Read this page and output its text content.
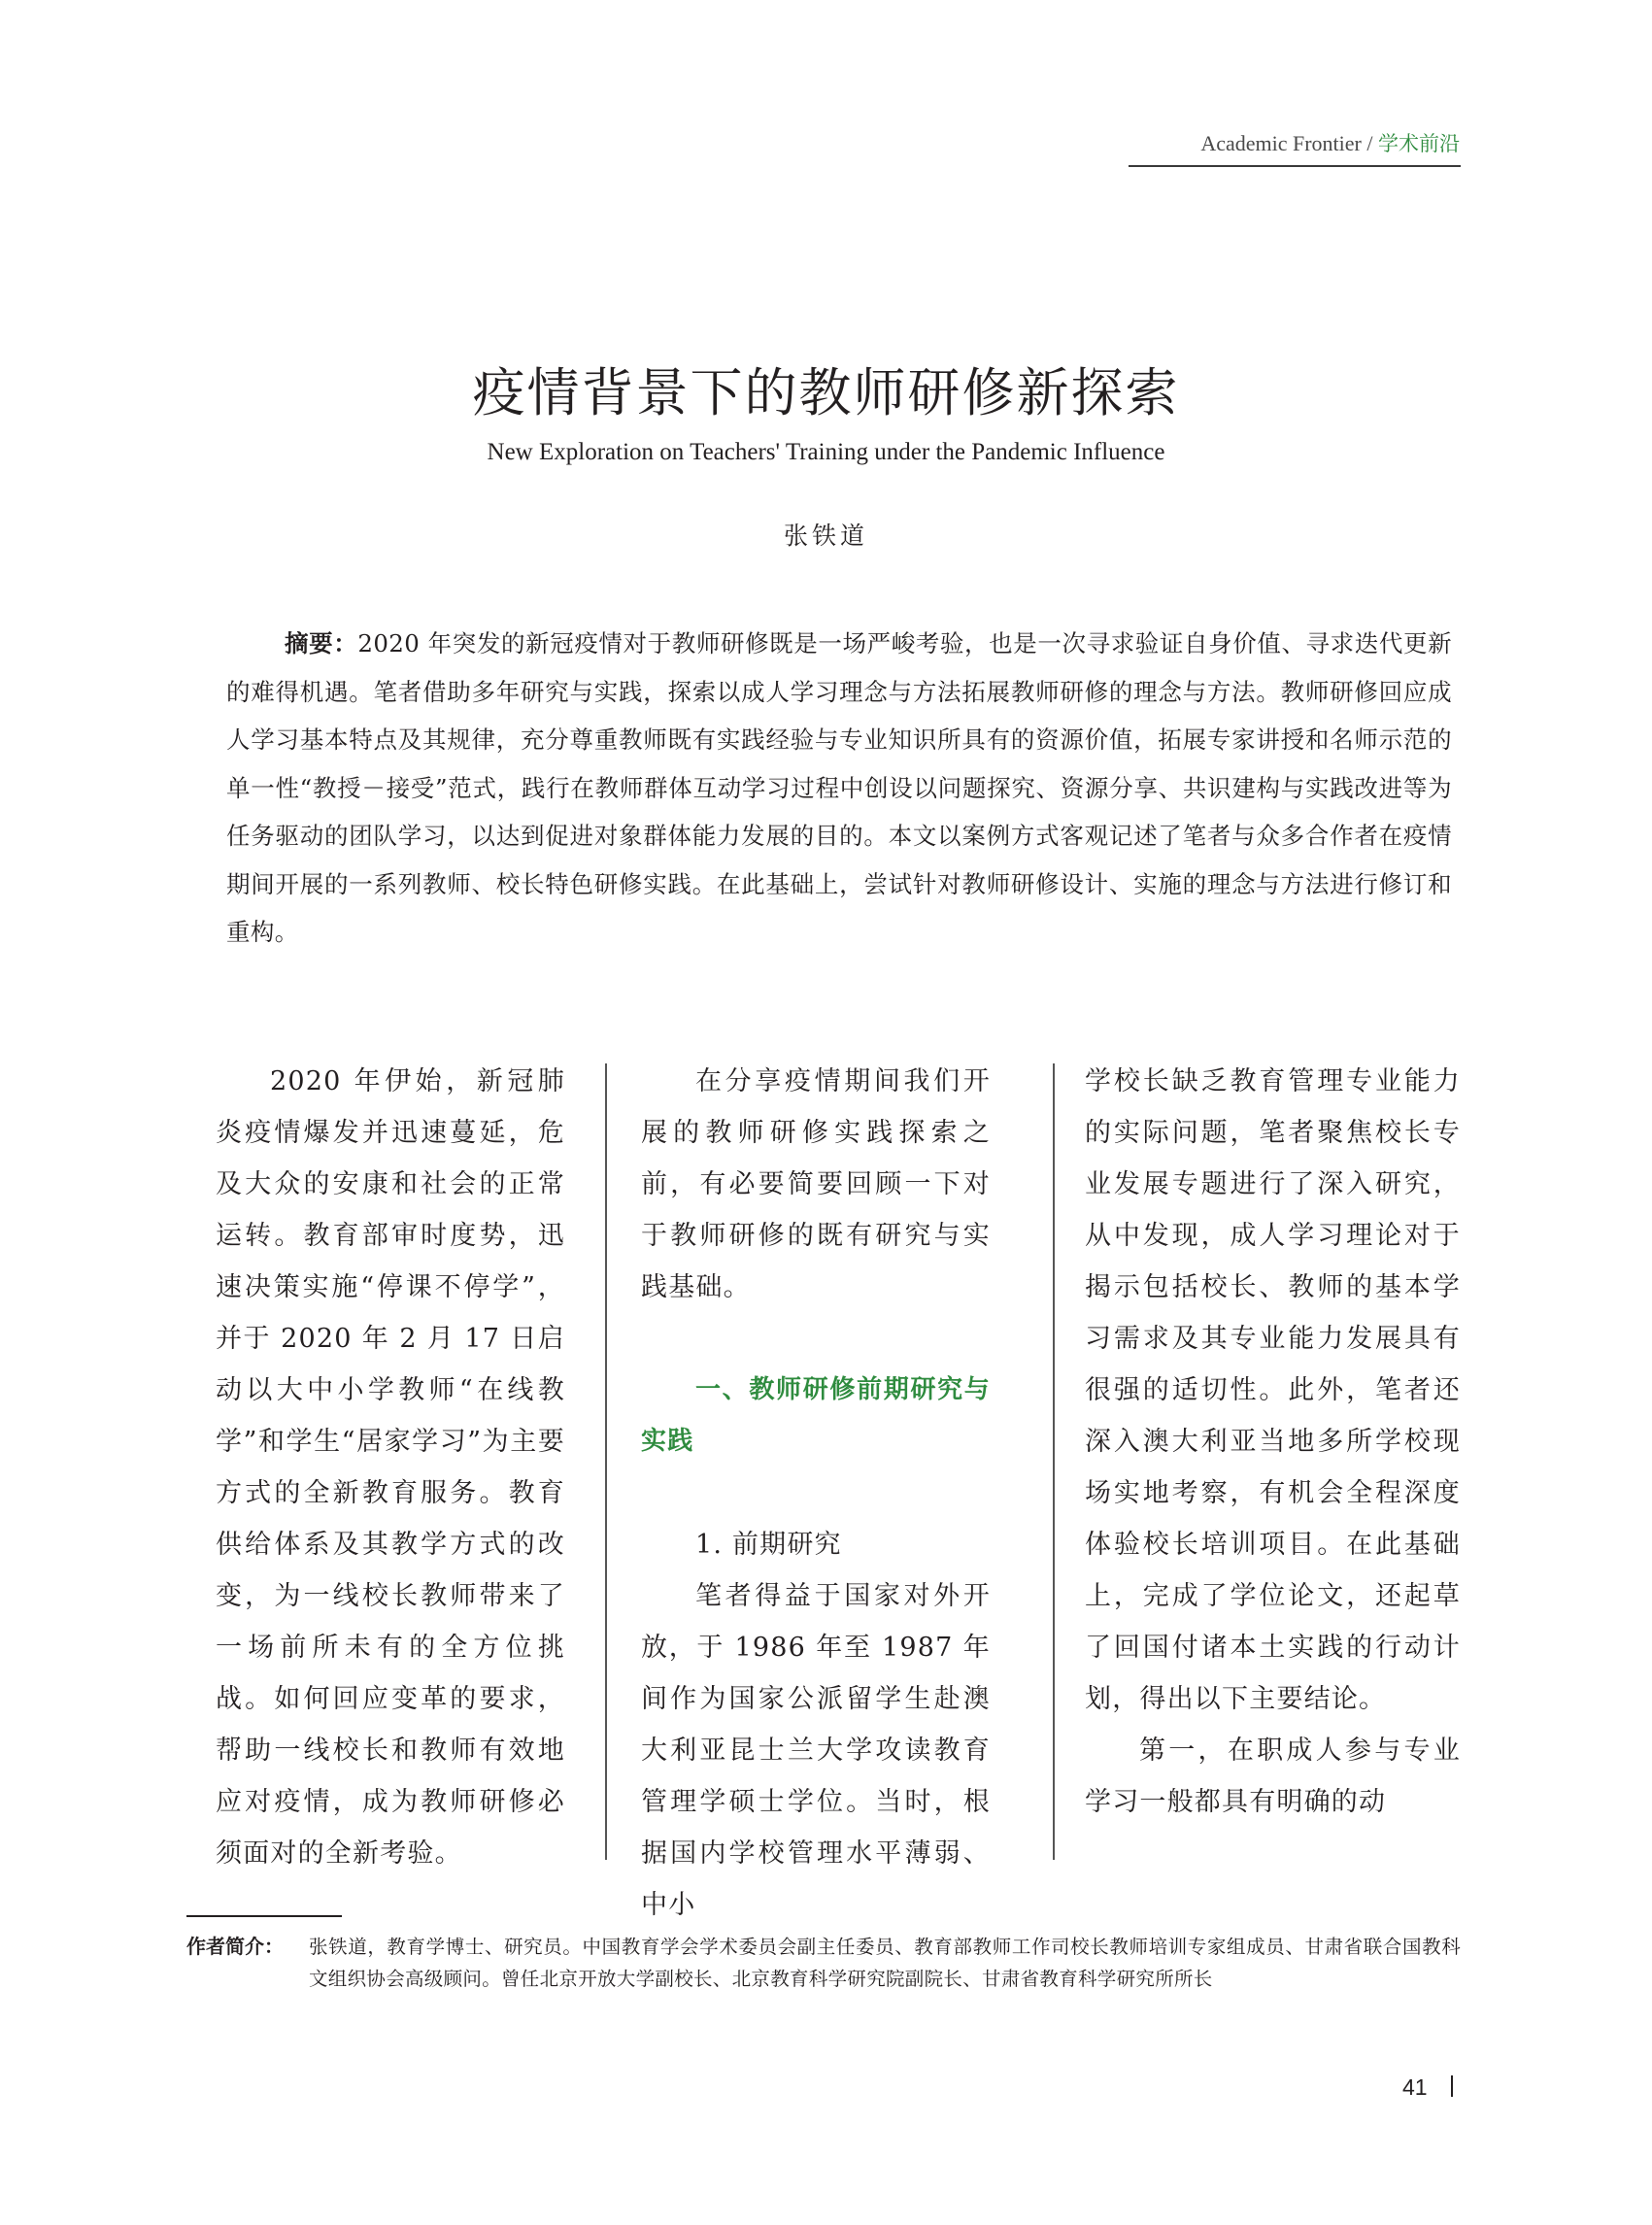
Academic Frontier / 学术前沿
疫情背景下的教师研修新探索
New Exploration on Teachers' Training under the Pandemic Influence
张铁道
摘要：2020 年突发的新冠疫情对于教师研修既是一场严峻考验，也是一次寻求验证自身价值、寻求迭代更新的难得机遇。笔者借助多年研究与实践，探索以成人学习理念与方法拓展教师研修的理念与方法。教师研修回应成人学习基本特点及其规律，充分尊重教师既有实践经验与专业知识所具有的资源价值，拓展专家讲授和名师示范的单一性“教授－接受”范式，践行在教师群体互动学习过程中创设以问题探究、资源分享、共识建构与实践改进等为任务驱动的团队学习，以达到促进对象群体能力发展的目的。本文以案例方式客观记述了笔者与众多合作者在疫情期间开展的一系列教师、校长特色研修实践。在此基础上，尝试针对教师研修设计、实施的理念与方法进行修订和重构。

2020 年伊始，新冠肺炎疫情爆发并迅速蔓延，危及大众的安康和社会的正常运转。教育部审时度势，迅速决策实施“停课不停学”，并于 2020 年 2 月 17 日启动以大中小学教师“在线教学”和学生“居家学习”为主要方式的全新教育服务。教育供给体系及其教学方式的改变，为一线校长教师带来了一场前所未有的全方位挑战。如何回应变革的要求，帮助一线校长和教师有效地应对疫情，成为教师研修必须面对的全新考验。

在分享疫情期间我们开展的教师研修实践探索之前，有必要简要回顾一下对于教师研修的既有研究与实践基础。

一、教师研修前期研究与实践

1. 前期研究

笔者得益于国家对外开放，于 1986 年至 1987 年间作为国家公派留学生赴澳大利亚昆士兰大学攻读教育管理学硕士学位。当时，根据国内学校管理水平薄弱、中小

学校长缺乏教育管理专业能力的实际问题，笔者聚焦校长专业发展专题进行了深入研究，从中发现，成人学习理论对于揭示包括校长、教师的基本学习需求及其专业能力发展具有很强的适切性。此外，笔者还深入澳大利亚当地多所学校现场实地考察，有机会全程深度体验校长培训项目。在此基础上，完成了学位论文，还起草了回国付诸本土实践的行动计划，得出以下主要结论。

第一，在职成人参与专业学习一般都具有明确的动

作者简介： 张铁道，教育学博士、研究员。中国教育学会学术委员会副主任委员、教育部教师工作司校长教师培训专家组成员、甘肃省联合国教科文组织协会高级顾问。曾任北京开放大学副校长、北京教育科学研究院副院长、甘肃省教育科学研究所所长
41
